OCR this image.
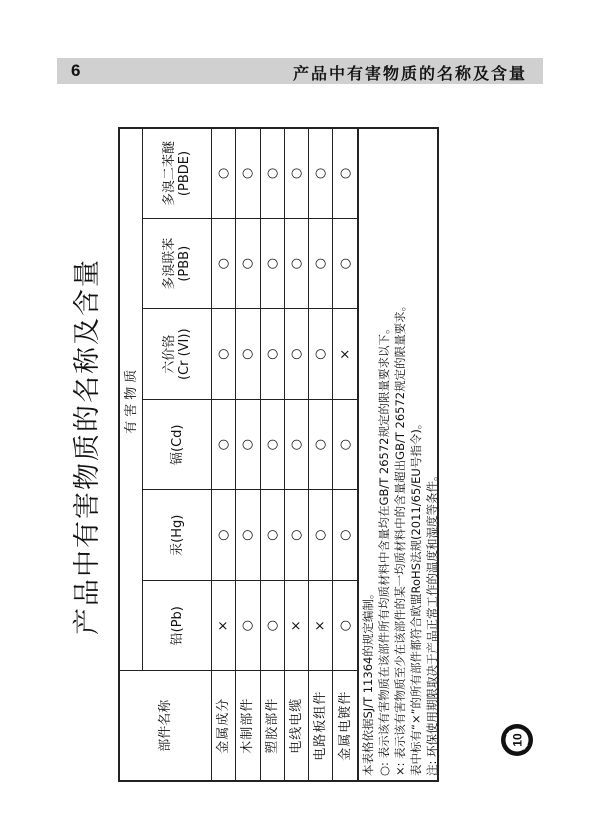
6	产品中有害物质的名称及含量
产品中有害物质的名称及含量
部件名称	有害物质					
	铅(Pb)	汞(Hg)	镉(Cd)	六价铬
(Cr (VI))	多溴联苯
(PBB)	多溴二苯醚
(PBDE)
金属成分	×	○	○	○	○	○
木制部件	○	○	○	○	○	○
塑胶部件	○	○	○	○	○	○
电线电缆	×	○	○	○	○	○
电路板组件	×	○	○	○	○	○
金属电镀件	○	○	○	×	○	○
本表格依据SJ/T 11364的规定编制。 ○: 表示该有害物质在该部件所有均质材料中含量均在GB/T 26572规定的限量要求以下。 ×: 表示该有害物质至少在该部件的某一均质材料中的含量超出GB/T 26572规定的限量要求。 表中标有“×”的所有部件都符合欧盟RoHS法规(2011/65/EU号指令)。 注: 环保使用期限取决于产品正常工作的温度和湿度等条件。	10
